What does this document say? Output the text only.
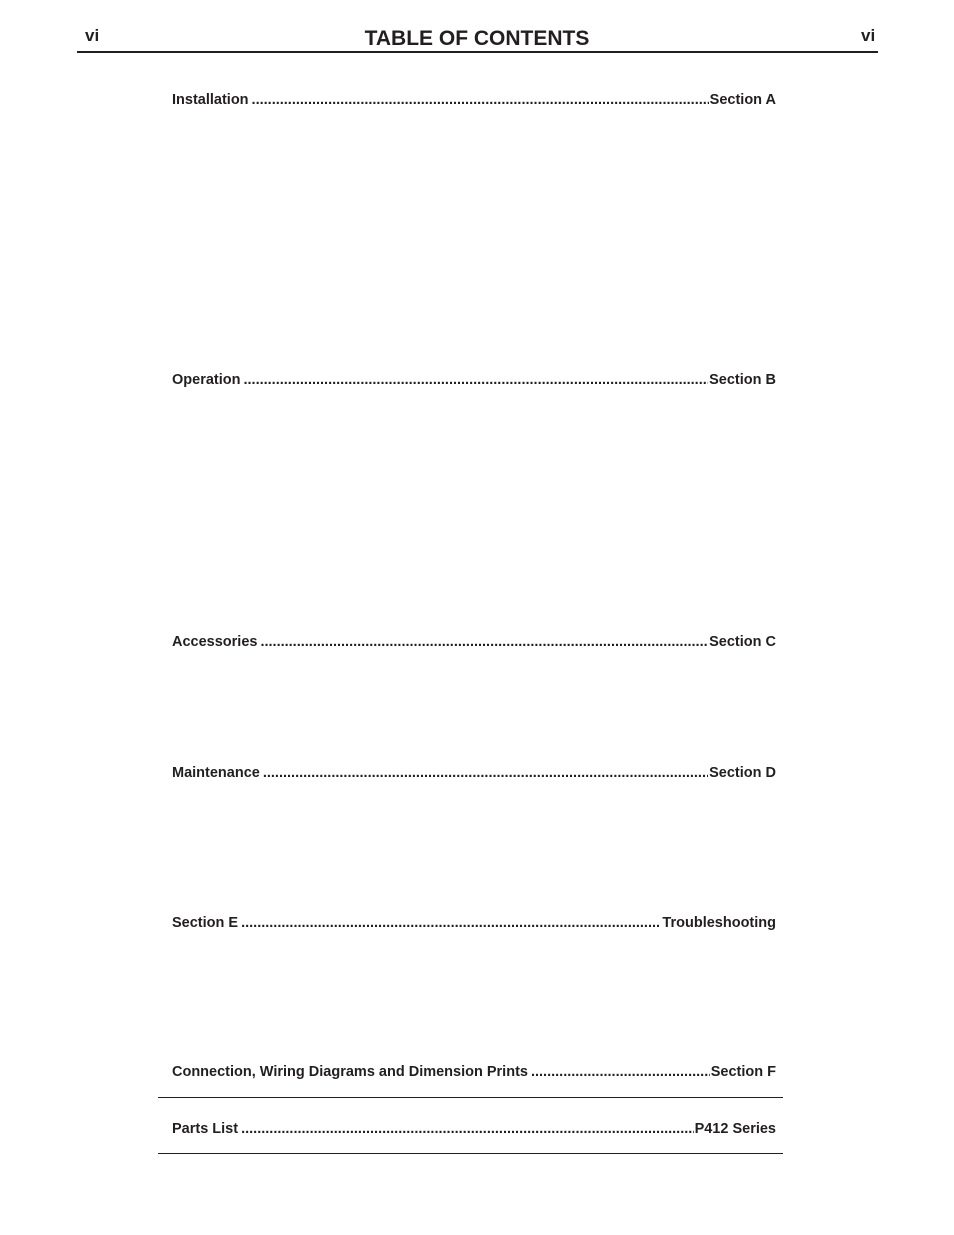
vi	TABLE OF CONTENTS	vi
Installation .....	Section A
Operation .....	Section B
Accessories .....	Section C
Maintenance .....	Section D
Section E .....	Troubleshooting
Connection, Wiring Diagrams and Dimension Prints .....	Section F
Parts List .....	P412 Series
